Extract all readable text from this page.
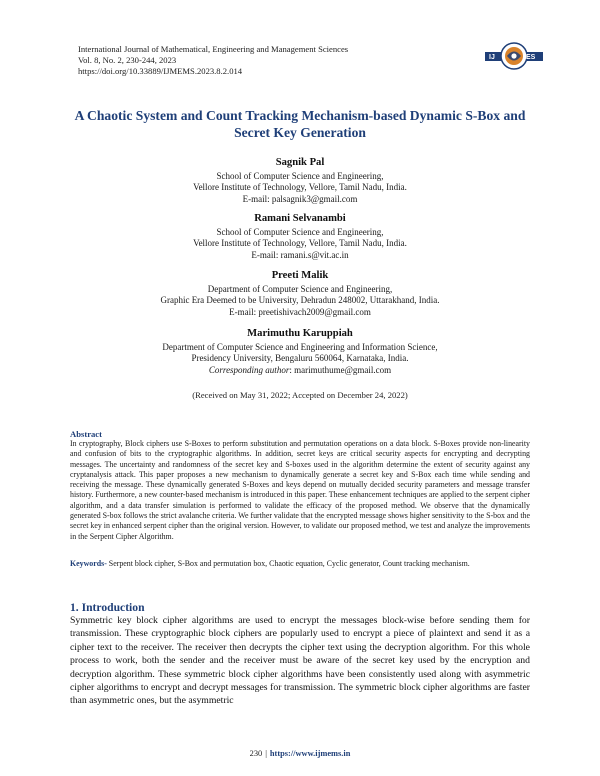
International Journal of Mathematical, Engineering and Management Sciences
Vol. 8, No. 2, 230-244, 2023
https://doi.org/10.33889/IJMEMS.2023.8.2.014
IJ	ES
A Chaotic System and Count Tracking Mechanism-based Dynamic S-Box and
Secret Key Generation
Sagnik Pal
School of Computer Science and Engineering,
Vellore Institute of Technology, Vellore, Tamil Nadu, India.
E-mail: palsagnik3@gmail.com
Ramani Selvanambi
School of Computer Science and Engineering,
Vellore Institute of Technology, Vellore, Tamil Nadu, India.
E-mail: ramani.s@vit.ac.in
Preeti Malik
Department of Computer Science and Engineering,
Graphic Era Deemed to be University, Dehradun 248002, Uttarakhand, India.
E-mail: preetishivach2009@gmail.com
Marimuthu Karuppiah
Department of Computer Science and Engineering and Information Science,
Presidency University, Bengaluru 560064, Karnataka, India.
Corresponding author: marimuthume@gmail.com
(Received on May 31, 2022; Accepted on December 24, 2022)
Abstract
In cryptography, Block ciphers use S-Boxes to perform substitution and permutation operations on a data block. S-Boxes provide non-linearity and confusion of bits to the cryptographic algorithms. In addition, secret keys are critical security aspects for encrypting and decrypting messages. The uncertainty and randomness of the secret key and S-boxes used in the algorithm determine the extent of security against any cryptanalysis attack. This paper proposes a new mechanism to dynamically generate a secret key and S-Box each time while sending and receiving the message. These dynamically generated S-Boxes and keys depend on mutually decided security parameters and message transfer history. Furthermore, a new counter-based mechanism is introduced in this paper. These enhancement techniques are applied to the serpent cipher algorithm, and a data transfer simulation is performed to validate the efficacy of the proposed method. We observe that the dynamically generated S-box follows the strict avalanche criteria. We further validate that the encrypted message shows higher sensitivity to the S-box and the secret key in enhanced serpent cipher than the original version. However, to validate our proposed method, we test and analyze the improvements in the Serpent Cipher Algorithm.
Keywords- Serpent block cipher, S-Box and permutation box, Chaotic equation, Cyclic generator, Count tracking mechanism.
1. Introduction
Symmetric key block cipher algorithms are used to encrypt the messages block-wise before sending them for transmission. These cryptographic block ciphers are popularly used to encrypt a piece of plaintext and send it as a cipher text to the receiver. The receiver then decrypts the cipher text using the decryption algorithm. For this whole process to work, both the sender and the receiver must be aware of the secret key used by the encryption and decryption algorithm. These symmetric block cipher algorithms have been consistently used along with asymmetric cipher algorithms to encrypt and decrypt messages for transmission. The symmetric block cipher algorithms are faster than asymmetric ones, but the asymmetric
230 | https://www.ijmems.in
